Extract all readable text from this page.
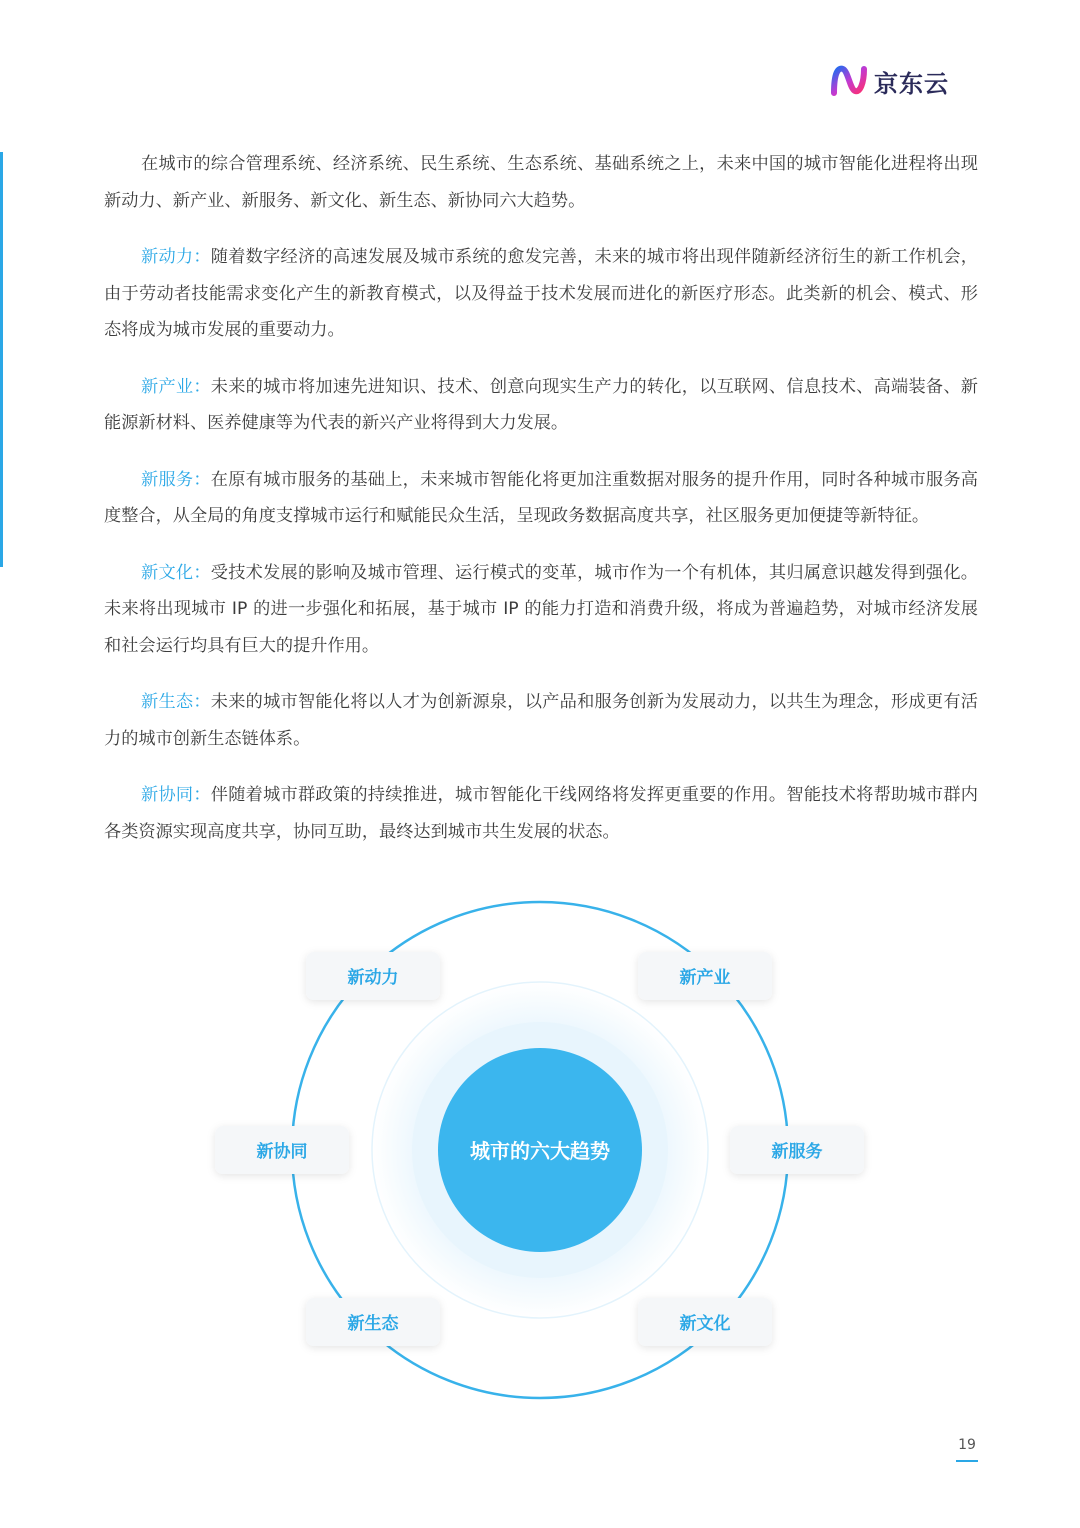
京东云

在城市的综合管理系统、经济系统、民生系统、生态系统、基础系统之上，未来中国的城市智能化进程将出现新动力、新产业、新服务、新文化、新生态、新协同六大趋势。

新动力：随着数字经济的高速发展及城市系统的愈发完善，未来的城市将出现伴随新经济衍生的新工作机会，由于劳动者技能需求变化产生的新教育模式，以及得益于技术发展而进化的新医疗形态。此类新的机会、模式、形态将成为城市发展的重要动力。

新产业：未来的城市将加速先进知识、技术、创意向现实生产力的转化，以互联网、信息技术、高端装备、新能源新材料、医养健康等为代表的新兴产业将得到大力发展。

新服务：在原有城市服务的基础上，未来城市智能化将更加注重数据对服务的提升作用，同时各种城市服务高度整合，从全局的角度支撑城市运行和赋能民众生活，呈现政务数据高度共享，社区服务更加便捷等新特征。

新文化：受技术发展的影响及城市管理、运行模式的变革，城市作为一个有机体，其归属意识越发得到强化。未来将出现城市 IP 的进一步强化和拓展，基于城市 IP 的能力打造和消费升级，将成为普遍趋势，对城市经济发展和社会运行均具有巨大的提升作用。

新生态：未来的城市智能化将以人才为创新源泉，以产品和服务创新为发展动力，以共生为理念，形成更有活力的城市创新生态链体系。

新协同：伴随着城市群政策的持续推进，城市智能化干线网络将发挥更重要的作用。智能技术将帮助城市群内各类资源实现高度共享，协同互助，最终达到城市共生发展的状态。

城市的六大趋势
新动力	新产业
新服务
新文化
新生态
新协同
19
